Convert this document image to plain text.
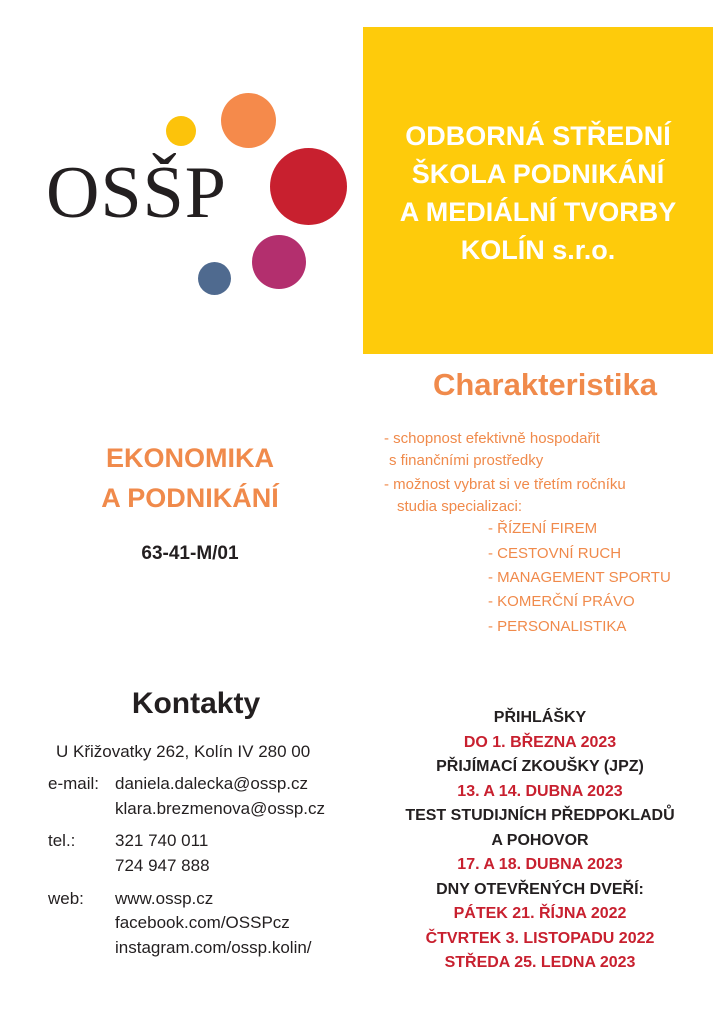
OSŠP
ODBORNÁ STŘEDNÍ
ŠKOLA PODNIKÁNÍ
A MEDIÁLNÍ TVORBY
KOLÍN s.r.o.
Charakteristika
- schopnost efektivně hospodařit
s finančními prostředky
- možnost vybrat si ve třetím ročníku
studia specializaci:
- ŘÍZENÍ FIREM
- CESTOVNÍ RUCH
- MANAGEMENT SPORTU
- KOMERČNÍ PRÁVO
- PERSONALISTIKA
EKONOMIKA
A PODNIKÁNÍ
63-41-M/01
Kontakty
U Křižovatky 262, Kolín IV 280 00
e-mail: daniela.dalecka@ossp.cz
klara.brezmenova@ossp.cz
tel.: 321 740 011
724 947 888
web: www.ossp.cz
facebook.com/OSSPcz
instagram.com/ossp.kolin/
PŘIHLÁŠKY
DO 1. BŘEZNA 2023
PŘIJÍMACÍ ZKOUŠKY (JPZ)
13. A 14. DUBNA 2023
TEST STUDIJNÍCH PŘEDPOKLADŮ
A POHOVOR
17. A 18. DUBNA 2023
DNY OTEVŘENÝCH DVEŘÍ:
PÁTEK 21. ŘÍJNA 2022
ČTVRTEK 3. LISTOPADU 2022
STŘEDA 25. LEDNA 2023
